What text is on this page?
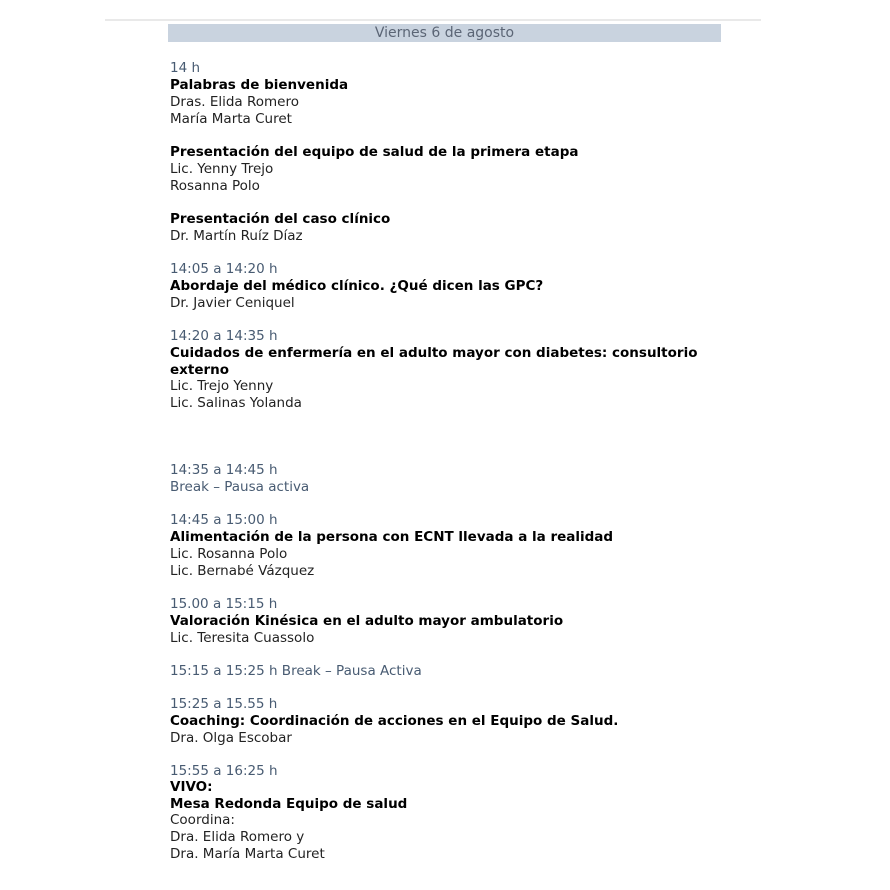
Viernes 6 de agosto
14 h
Palabras de bienvenida
Dras. Elida Romero
María Marta Curet
Presentación del equipo de salud de la primera etapa
Lic. Yenny Trejo
Rosanna Polo
Presentación del caso clínico
Dr. Martín Ruíz Díaz
14:05 a 14:20 h
Abordaje del médico clínico. ¿Qué dicen las GPC?
Dr. Javier Ceniquel
14:20 a 14:35 h
Cuidados de enfermería en el adulto mayor con diabetes: consultorio
externo
Lic. Trejo Yenny
Lic. Salinas Yolanda
14:35 a 14:45 h
Break – Pausa activa
14:45 a 15:00 h
Alimentación de la persona con ECNT llevada a la realidad
Lic. Rosanna Polo
Lic. Bernabé Vázquez
15.00 a 15:15 h
Valoración Kinésica en el adulto mayor ambulatorio
Lic. Teresita Cuassolo
15:15 a 15:25 h Break – Pausa Activa
15:25 a 15.55 h
Coaching: Coordinación de acciones en el Equipo de Salud.
Dra. Olga Escobar
15:55 a 16:25 h
VIVO:
Mesa Redonda Equipo de salud
Coordina:
Dra. Elida Romero y
Dra. María Marta Curet
